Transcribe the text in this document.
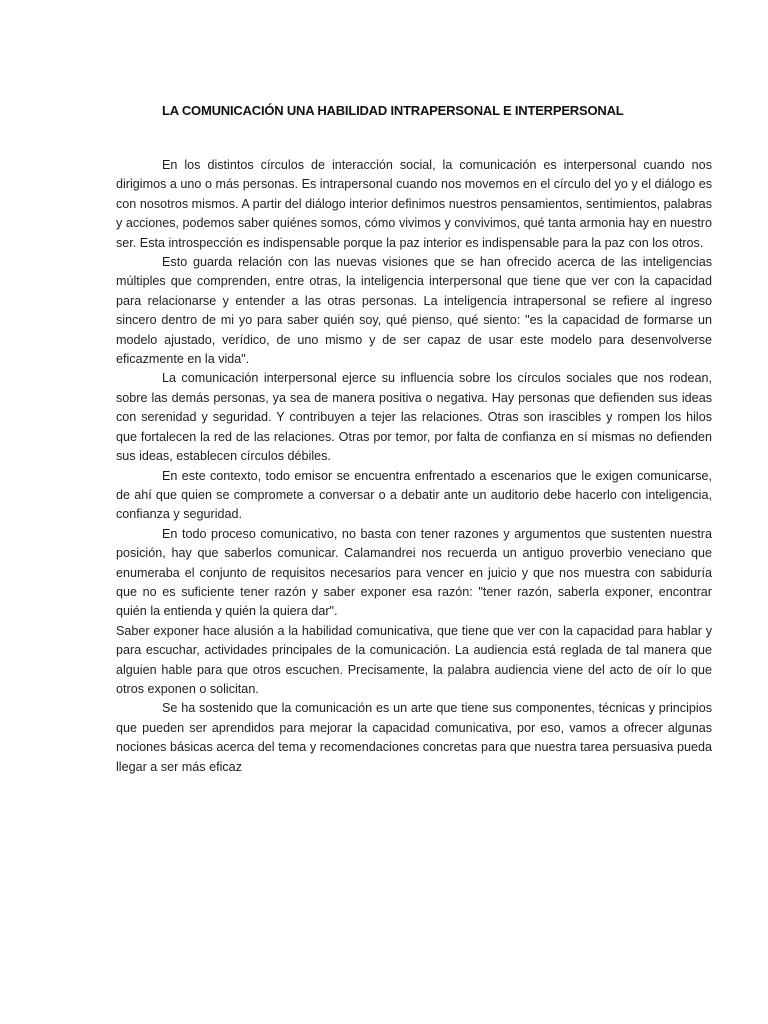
LA COMUNICACIÓN UNA HABILIDAD INTRAPERSONAL E INTERPERSONAL

En los distintos círculos de interacción social, la comunicación es interpersonal cuando nos dirigimos a uno o más personas. Es intrapersonal cuando nos movemos en el círculo del yo y el diálogo es con nosotros mismos. A partir del diálogo interior definimos nuestros pensamientos, sentimientos, palabras y acciones, podemos saber quiénes somos, cómo vivimos y convivimos, qué tanta armonia hay en nuestro ser. Esta introspección es indispensable porque la paz interior es indispensable para la paz con los otros.

Esto guarda relación con las nuevas visiones que se han ofrecido acerca de las inteligencias múltiples que comprenden, entre otras, la inteligencia interpersonal que tiene que ver con la capacidad para relacionarse y entender a las otras personas. La inteligencia intrapersonal se refiere al ingreso sincero dentro de mi yo para saber quién soy, qué pienso, qué siento: "es la capacidad de formarse un modelo ajustado, verídico, de uno mismo y de ser capaz de usar este modelo para desenvolverse eficazmente en la vida".

La comunicación interpersonal ejerce su influencia sobre los círculos sociales que nos rodean, sobre las demás personas, ya sea de manera positiva o negativa. Hay personas que defienden sus ideas con serenidad y seguridad. Y contribuyen a tejer las relaciones. Otras son irascibles y rompen los hilos que fortalecen la red de las relaciones. Otras por temor, por falta de confianza en sí mismas no defienden sus ideas, establecen círculos débiles.

En este contexto, todo emisor se encuentra enfrentado a escenarios que le exigen comunicarse, de ahí que quien se compromete a conversar o a debatir ante un auditorio debe hacerlo con inteligencia, confianza y seguridad.

En todo proceso comunicativo, no basta con tener razones y argumentos que sustenten nuestra posición, hay que saberlos comunicar. Calamandrei nos recuerda un antiguo proverbio veneciano que enumeraba el conjunto de requisitos necesarios para vencer en juicio y que nos muestra con sabiduría que no es suficiente tener razón y saber exponer esa razón: "tener razón, saberla exponer, encontrar quién la entienda y quién la quiera dar".

Saber exponer hace alusión a la habilidad comunicativa, que tiene que ver con la capacidad para hablar y para escuchar, actividades principales de la comunicación. La audiencia está reglada de tal manera que alguien hable para que otros escuchen. Precisamente, la palabra audiencia viene del acto de oír lo que otros exponen o solicitan.

Se ha sostenido que la comunicación es un arte que tiene sus componentes, técnicas y principios que pueden ser aprendidos para mejorar la capacidad comunicativa, por eso, vamos a ofrecer algunas nociones básicas acerca del tema y recomendaciones concretas para que nuestra tarea persuasiva pueda llegar a ser más eficaz
